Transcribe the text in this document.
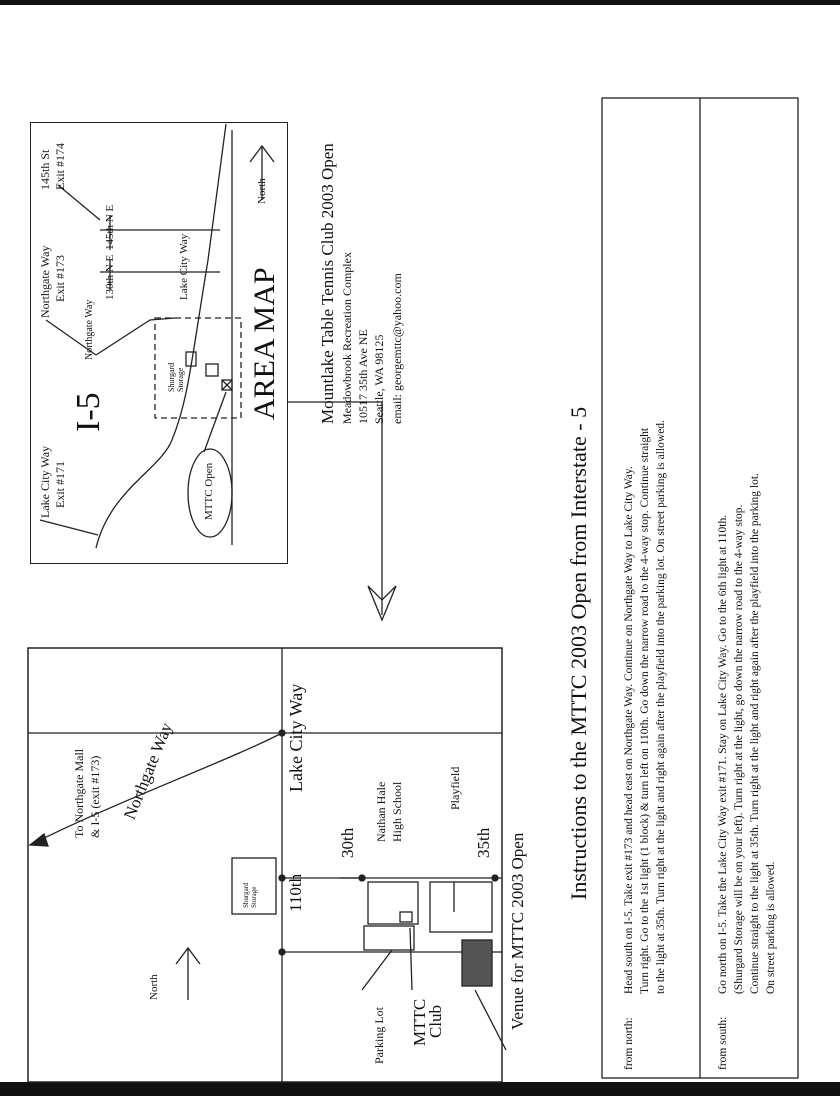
Lake City Way Exit #171
Northgate Way Exit #173
145th St Exit #174
I-5
145th N E
130th N E	Lake City Way
Northgate Way
Shurgard Storage
MTTC Open
AREA MAP
North	Mountlake Table Tennis Club 2003 Open Meadowbrook Recreation Complex 10517 35th Ave NE Seattle, WA 98125 email: georgemttc@yahoo.com
Lake City Way
Northgate Way
To Northgate Mall & I-5 (exit #173)
30th	35th
110th
Shurgard Storage
Nathan Hale High School	Playfield
Parking Lot MTTC
Club	Venue for MTTC 2003 Open
North
Instructions to the MTTC 2003 Open from Interstate - 5
from north:
Head south on I-5. Take exit #173 and head east on Northgate Way. Continue on Northgate Way to Lake City Way. Turn right. Go to the 1st light (1 block) & turn left on 110th. Go down the narrow road to the 4-way stop. Continue straight to the light at 35th. Turn right at the light and right again after the playfield into the parking lot. On street parking is allowed.
from south:
Go north on I-5. Take the Lake City Way exit #171. Stay on Lake City Way. Go to the 6th light at 110th. (Shurgard Storage will be on your left). Turn right at the light, go down the narrow road to the 4-way stop. Continue straight to the light at 35th. Turn right at the light and right again after the playfield into the parking lot. On street parking is allowed.
